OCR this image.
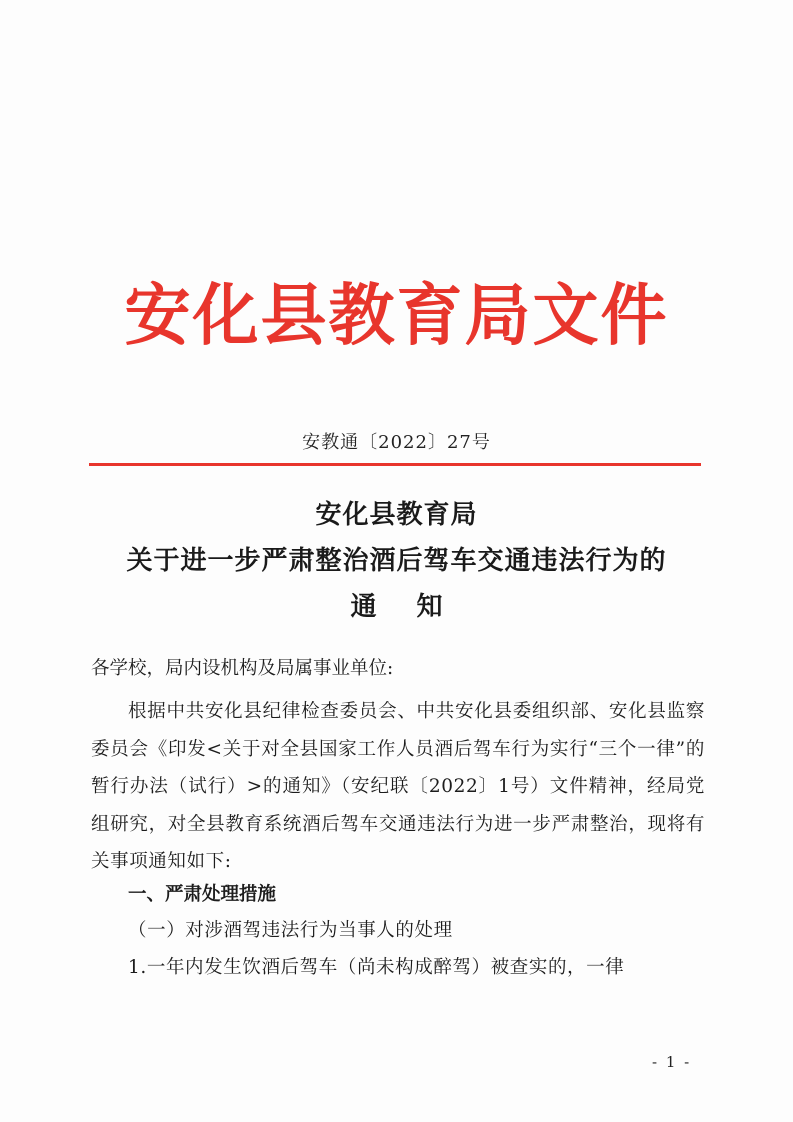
安化县教育局文件
安教通〔2022〕27号
安化县教育局
关于进一步严肃整治酒后驾车交通违法行为的
通知
各学校，局内设机构及局属事业单位:
根据中共安化县纪律检查委员会、中共安化县委组织部、安化县监察委员会《印发<关于对全县国家工作人员酒后驾车行为实行“三个一律”的暂行办法（试行）>的通知》（安纪联〔2022〕1号）文件精神，经局党组研究，对全县教育系统酒后驾车交通违法行为进一步严肃整治，现将有关事项通知如下:
一、严肃处理措施
（一）对涉酒驾违法行为当事人的处理
1.一年内发生饮酒后驾车（尚未构成醉驾）被查实的，一律
- 1 -
